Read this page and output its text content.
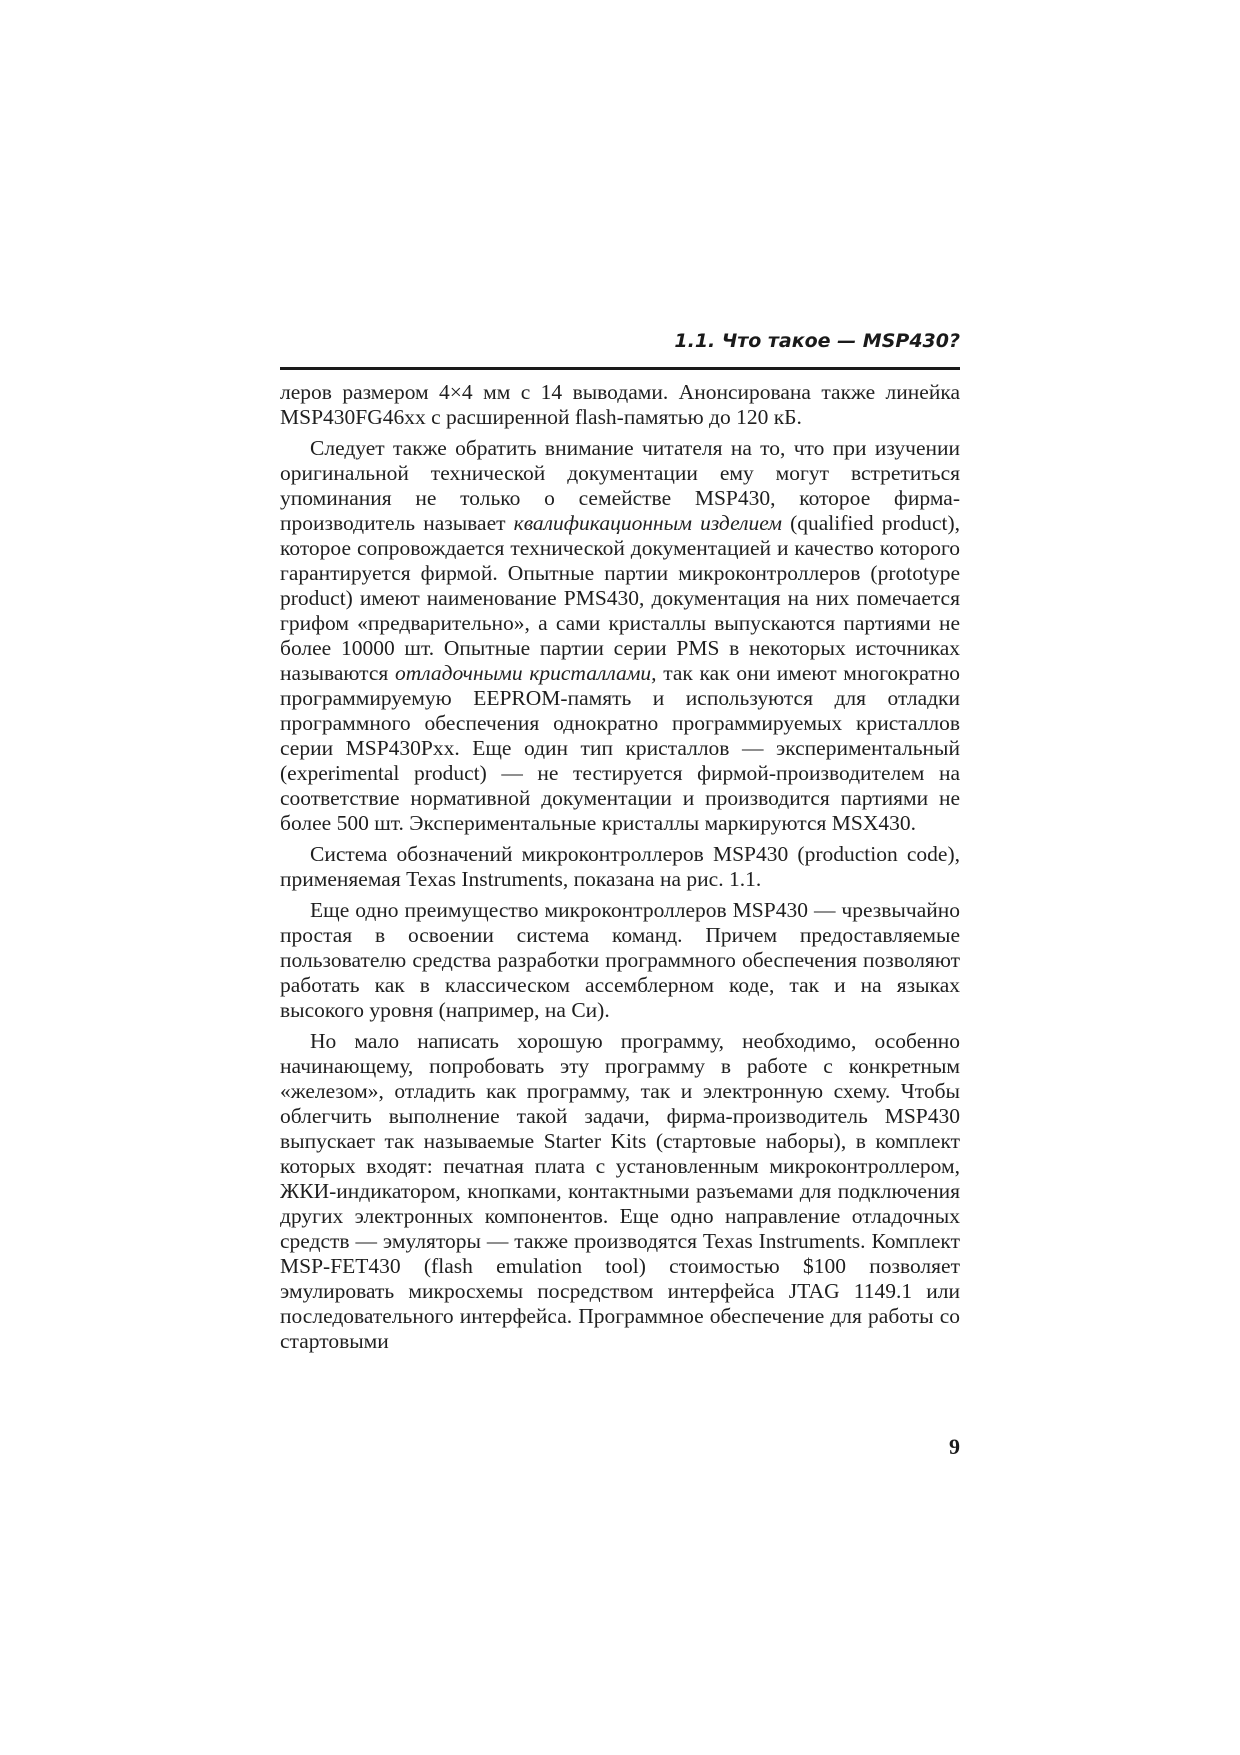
1.1. Что такое — MSP430?

леров размером 4×4 мм с 14 выводами. Анонсирована также линейка MSP430FG46xx с расширенной flash-памятью до 120 кБ.

Следует также обратить внимание читателя на то, что при изучении оригинальной технической документации ему могут встретиться упоминания не только о семействе MSP430, которое фирма-производитель называет квалификационным изделием (qualified product), которое сопровождается технической документацией и качество которого гарантируется фирмой. Опытные партии микроконтроллеров (prototype product) имеют наименование PMS430, документация на них помечается грифом «предварительно», а сами кристаллы выпускаются партиями не более 10000 шт. Опытные партии серии PMS в некоторых источниках называются отладочными кристаллами, так как они имеют многократно программируемую EEPROM-память и используются для отладки программного обеспечения однократно программируемых кристаллов серии MSP430Pxx. Еще один тип кристаллов — экспериментальный (experimental product) — не тестируется фирмой-производителем на соответствие нормативной документации и производится партиями не более 500 шт. Экспериментальные кристаллы маркируются MSX430.

Система обозначений микроконтроллеров MSP430 (production code), применяемая Texas Instruments, показана на рис. 1.1.

Еще одно преимущество микроконтроллеров MSP430 — чрезвычайно простая в освоении система команд. Причем предоставляемые пользователю средства разработки программного обеспечения позволяют работать как в классическом ассемблерном коде, так и на языках высокого уровня (например, на Си).

Но мало написать хорошую программу, необходимо, особенно начинающему, попробовать эту программу в работе с конкретным «железом», отладить как программу, так и электронную схему. Чтобы облегчить выполнение такой задачи, фирма-производитель MSP430 выпускает так называемые Starter Kits (стартовые наборы), в комплект которых входят: печатная плата с установленным микроконтроллером, ЖКИ-индикатором, кнопками, контактными разъемами для подключения других электронных компонентов. Еще одно направление отладочных средств — эмуляторы — также производятся Texas Instruments. Комплект MSP-FET430 (flash emulation tool) стоимостью $100 позволяет эмулировать микросхемы посредством интерфейса JTAG 1149.1 или последовательного интерфейса. Программное обеспечение для работы со стартовыми

9
